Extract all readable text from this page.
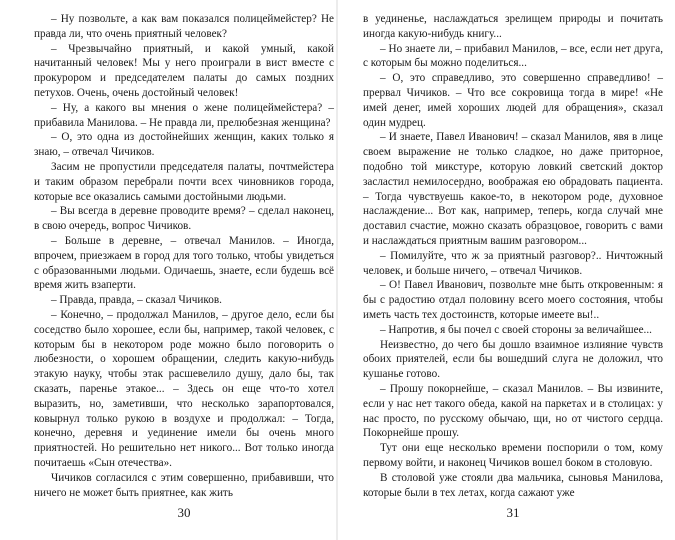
– Ну позвольте, а как вам показался полицеймейстер? Не правда ли, что очень приятный человек?

– Чрезвычайно приятный, и какой умный, какой начитанный человек! Мы у него проиграли в вист вместе с прокурором и председателем палаты до самых поздних петухов. Очень, очень достойный человек!

– Ну, а какого вы мнения о жене полицеймейстера? – прибавила Манилова. – Не правда ли, прелюбезная женщина?

– О, это одна из достойнейших женщин, каких только я знаю, – отвечал Чичиков.

Засим не пропустили председателя палаты, почтмейстера и таким образом перебрали почти всех чиновников города, которые все оказались самыми достойными людьми.

– Вы всегда в деревне проводите время? – сделал наконец, в свою очередь, вопрос Чичиков.

– Больше в деревне, – отвечал Манилов. – Иногда, впрочем, приезжаем в город для того только, чтобы увидеться с образованными людьми. Одичаешь, знаете, если будешь всё время жить взаперти.

– Правда, правда, – сказал Чичиков.

– Конечно, – продолжал Манилов, – другое дело, если бы соседство было хорошее, если бы, например, такой человек, с которым бы в некотором роде можно было поговорить о любезности, о хорошем обращении, следить какую-нибудь этакую науку, чтобы этак расшевелило душу, дало бы, так сказать, паренье этакое... – Здесь он еще что-то хотел выразить, но, заметивши, что несколько зарапортовался, ковырнул только рукою в воздухе и продолжал: – Тогда, конечно, деревня и уединение имели бы очень много приятностей. Но решительно нет никого... Вот только иногда почитаешь «Сын отечества».

Чичиков согласился с этим совершенно, прибавивши, что ничего не может быть приятнее, как жить

30

в уединенье, наслаждаться зрелищем природы и почитать иногда какую-нибудь книгу...

– Но знаете ли, – прибавил Манилов, – все, если нет друга, с которым бы можно поделиться...

– О, это справедливо, это совершенно справедливо! – прервал Чичиков. – Что все сокровища тогда в мире! «Не имей денег, имей хороших людей для обращения», сказал один мудрец.

– И знаете, Павел Иванович! – сказал Манилов, явя в лице своем выражение не только сладкое, но даже приторное, подобно той микстуре, которую ловкий светский доктор засластил немилосердно, воображая ею обрадовать пациента. – Тогда чувствуешь какое-то, в некотором роде, духовное наслаждение... Вот как, например, теперь, когда случай мне доставил счастие, можно сказать образцовое, говорить с вами и наслаждаться приятным вашим разговором...

– Помилуйте, что ж за приятный разговор?.. Ничтожный человек, и больше ничего, – отвечал Чичиков.

– О! Павел Иванович, позвольте мне быть откровенным: я бы с радостию отдал половину всего моего состояния, чтобы иметь часть тех достоинств, которые имеете вы!..

– Напротив, я бы почел с своей стороны за величайшее...

Неизвестно, до чего бы дошло взаимное излияние чувств обоих приятелей, если бы вошедший слуга не доложил, что кушанье готово.

– Прошу покорнейше, – сказал Манилов. – Вы извините, если у нас нет такого обеда, какой на паркетах и в столицах: у нас просто, по русскому обычаю, щи, но от чистого сердца. Покорнейше прошу.

Тут они еще несколько времени поспорили о том, кому первому войти, и наконец Чичиков вошел боком в столовую.

В столовой уже стояли два мальчика, сыновья Манилова, которые были в тех летах, когда сажают уже

31
